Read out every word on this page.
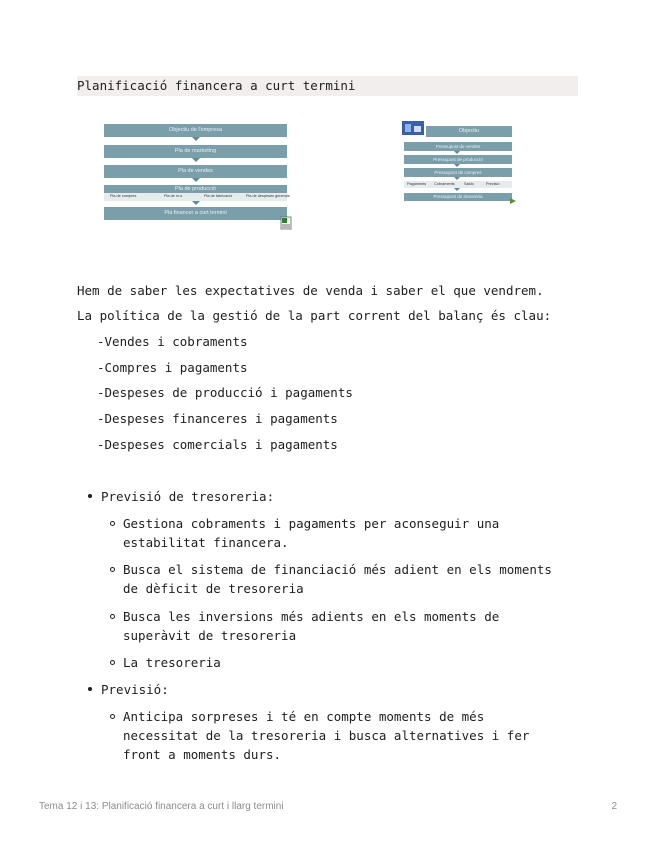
Planificació financera a curt termini
Objectiu de l'empresa
Pla de marketing
Pla de vendes
Pla de producció
Pla de compres	Pla de m.o.	Pla de fabricació	Pla de despeses generals
Pla financer a curt termini
Objectiu
Pressupost de vendes
Pressupost de producció
Pressupost de compres
Pagaments Cobraments Saldo	Previsió
Pressupost de tresoreria
Hem de saber les expectatives de venda i saber el que vendrem.
La política de la gestió de la part corrent del balanç és clau:
-Vendes i cobraments
-Compres i pagaments
-Despeses de producció i pagaments
-Despeses financeres i pagaments
-Despeses comercials i pagaments
Previsió de tresoreria:
Gestiona cobraments i pagaments per aconseguir una
estabilitat financera.
Busca el sistema de financiació més adient en els moments
de dèficit de tresoreria
Busca les inversions més adients en els moments de
superàvit de tresoreria
La tresoreria
Previsió:
Anticipa sorpreses i té en compte moments de més
necessitat de la tresoreria i busca alternatives i fer
front a moments durs.
Tema 12 i 13: Planificació financera a curt i llarg termini	2
